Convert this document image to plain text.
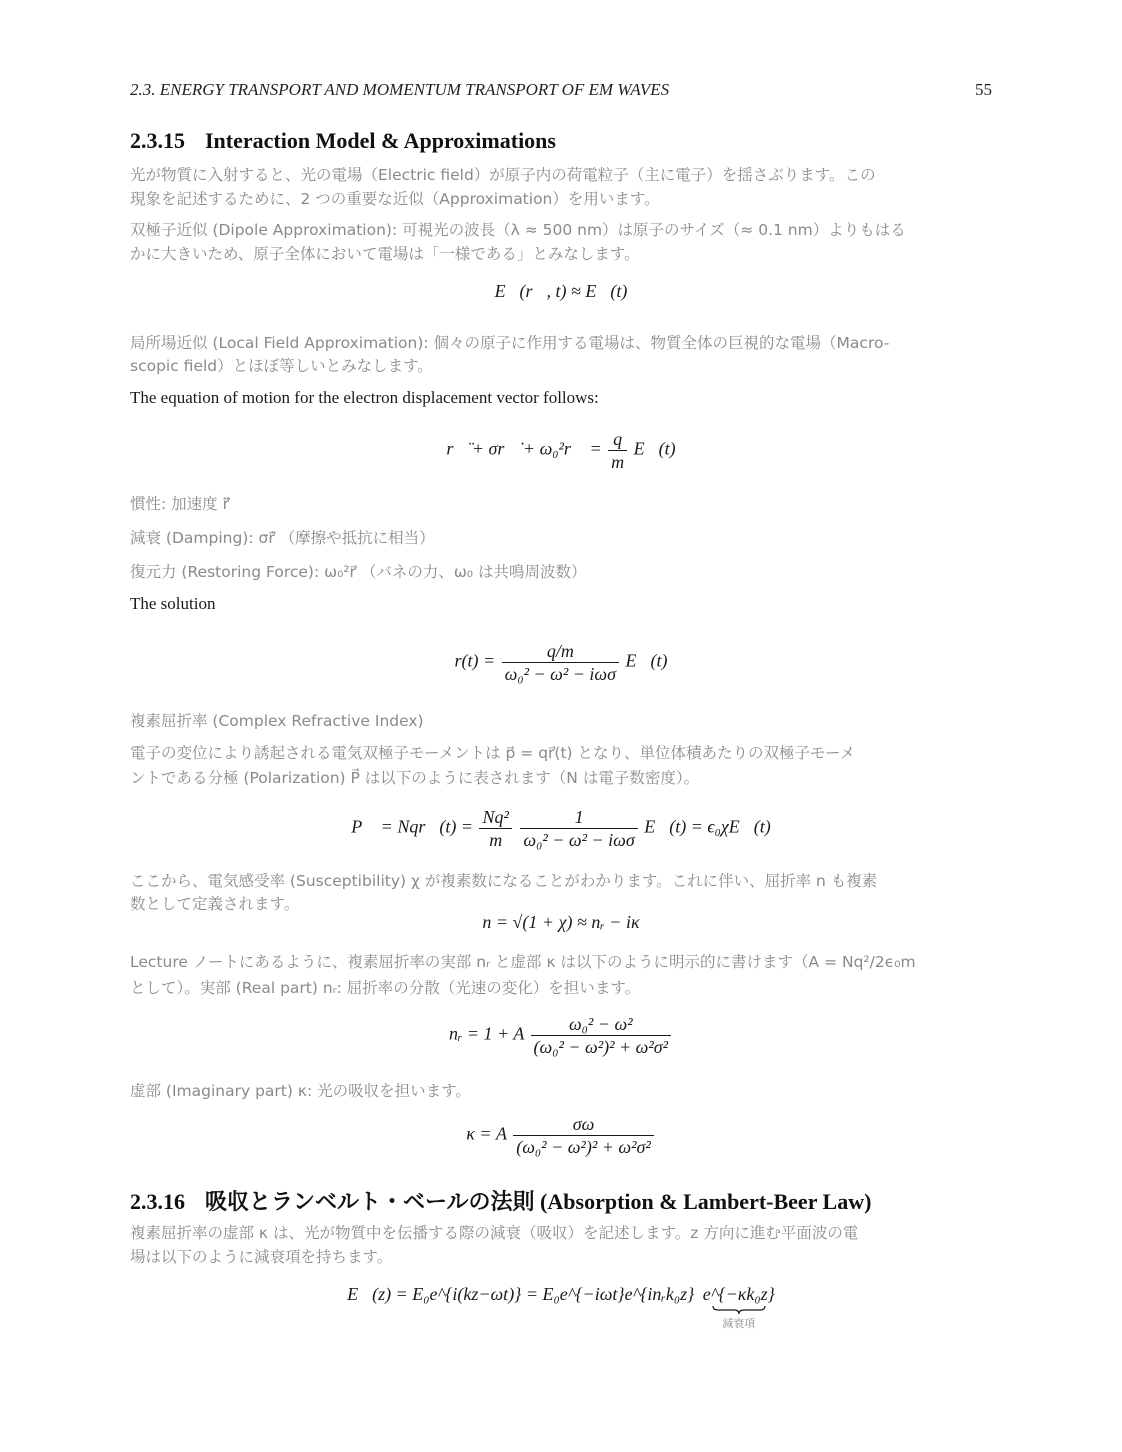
2.3. ENERGY TRANSPORT AND MOMENTUM TRANSPORT OF EM WAVES	55
2.3.15 Interaction Model & Approximations
光が物質に入射すると、光の電場（Electric field）が原子内の荷電粒子（主に電子）を揺さぶります。この
現象を記述するために、2 つの重要な近似（Approximation）を用います。
双極子近似 (Dipole Approximation): 可視光の波長（λ ≈ 500 nm）は原子のサイズ（≈ 0.1 nm）よりもはる
かに大きいため、原子全体において電場は「一様である」とみなします。
E⃗(r⃗, t) ≈ E⃗(t)
局所場近似 (Local Field Approximation): 個々の原子に作用する電場は、物質全体の巨視的な電場（Macro-
scopic field）とほぼ等しいとみなします。
The equation of motion for the electron displacement vector follows:
r⃗̈ + σr⃗̇ + ω₀²r⃗ = $\frac{q}{m}$ E⃗(t)
慣性: 加速度 r⃗̈
減衰 (Damping): σr⃗̇ （摩擦や抵抗に相当）
復元力 (Restoring Force): ω₀²r⃗ （バネの力、ω₀ は共鳴周波数）
The solution
$r(t) = \frac{q/m}{\text{ω₀² − ω² − iωσ}}$ E⃗(t)
複素屈折率 (Complex Refractive Index)
電子の変位により誘起される電気双極子モーメントは p⃗ = qr⃗(t) となり、単位体積あたりの双極子モーメ
ントである分極 (Polarization) P⃗ は以下のように表されます（N は電子数密度）。
P⃗ = Nqr⃗(t) = $\frac{\text{Nq²}}{m}$
$\frac{1}{\text{ω₀² − ω² − iωσ}}$ E⃗(t) = ϵ₀χE⃗(t)
ここから、電気感受率 (Susceptibility) χ が複素数になることがわかります。これに伴い、屈折率 n も複素
数として定義されます。
n = √(1 + χ) ≈ nᵣ − iκ
Lecture ノートにあるように、複素屈折率の実部 nᵣ と虚部 κ は以下のように明示的に書けます（A = Nq²/2ϵ₀m
として）。実部 (Real part) nᵣ: 屈折率の分散（光速の変化）を担います。
nᵣ = 1 + A $\frac{\text{ω₀² − ω²}}{\text{(ω₀² − ω²)² + ω²σ²}}$
虚部 (Imaginary part) κ: 光の吸収を担います。
κ = A $\frac{\sigma\omega}{\text{(ω₀² − ω²)² + ω²σ²}}$
2.3.16 吸収とランベルト・ベールの法則 (Absorption & Lambert-Beer Law)
複素屈折率の虚部 κ は、光が物質中を伝播する際の減衰（吸収）を記述します。z 方向に進む平面波の電
場は以下のように減衰項を持ちます。
E⃗(z) = E₀e^{i(kz−ωt)} = E₀e^{−iωt}e^{inᵣk₀z} e^{−κk₀z}
減衰項
